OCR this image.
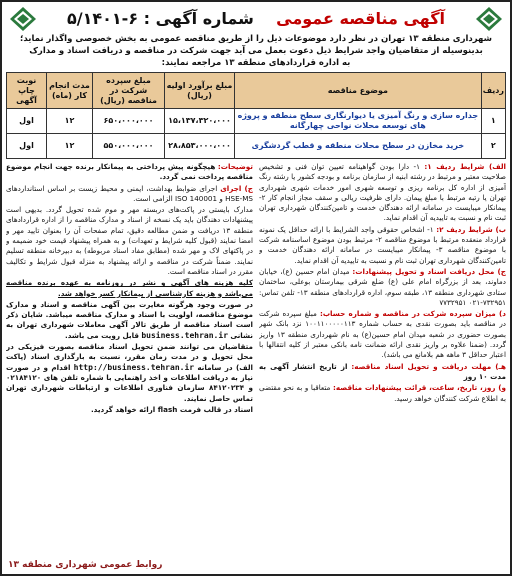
آگهی مناقصه عمومی    شماره آگهی : ۶-۵/۱۴۰۱
شهرداری منطقه ۱۳ تهران در نظر دارد موضوعات ذیل را از طریق مناقصه عمومی به بخش خصوصی واگذار نماید؛
بدینوسیله از متقاضیان واجد شرایط ذیل دعوت بعمل می آید جهت شرکت در مناقصه و دریافت اسناد و مدارک
به اداره قراردادهای منطقه ۱۳ مراجعه نمایند:
ردیف	موضوع مناقصه	مبلغ برآورد اولیه (ریال)	مبلغ سپرده شرکت در مناقصه (ریال)	مدت انجام کار (ماه)	نوبت چاپ آگهی
۱	جداره سازی و رنگ آمیزی یا دیوارنگاری سطح منطقه و پروژه های توسعه محلات نواحی چهارگانه	۱۵،۱۳۷،۳۲۰،۰۰۰	۶۵۰،۰۰۰،۰۰۰	۱۲	اول
۲	خرید مخازن در سطح محلات منطقه و قطب گردشگری	۲۸،۸۵۳،۰۰۰،۰۰۰	۵۵۰،۰۰۰،۰۰۰	۱۲	اول

الف) شرایط ردیف ۱: ۱- دارا بودن گواهینامه تعیین توان فنی و تشخیص صلاحیت معتبر و مرتبط در رشته ابنیه از سازمان برنامه و بودجه کشور یا رشته رنگ آمیزی از اداره کل برنامه ریزی و توسعه شهری امور خدمات شهری شهرداری تهران یا رتبه مرتبط با مبلغ پیمان. دارای ظرفیت ریالی و سقف مجاز انجام کار ۲- پیمانکار میبایست در سامانه ارائه دهندگان خدمت و تامین‌کنندگان شهرداری تهران ثبت نام و نسبت به تاییدیه آن اقدام نماید.

ب) شرایط ردیف ۲: ۱- اشخاص حقوقی واجد الشرایط با ارائه حداقل یک نمونه قرارداد منعقده مرتبط با موضوع مناقصه ۲- مرتبط بودن موضوع اساسنامه شرکت با موضوع مناقصه ۳- پیمانکار میبایست در سامانه ارائه دهندگان خدمت و تامین‌کنندگان شهرداری تهران ثبت نام و نسبت به تاییدیه آن اقدام نماید.

ج) محل دریافت اسناد و تحویل پیشنهادات: میدان امام حسین (ع)، خیابان دماوند، بعد از بزرگراه امام علی (ع) ضلع شرقی بیمارستان بوعلی، ساختمان ستادی شهرداری منطقه ۱۳، طبقه سوم، اداره قراردادهای منطقه ۱۳- تلفن تماس: ۷۳۲۹۵۱-۰۲۱ ۷۷۳۲۹۵۱

د) میزان سپرده شرکت در مناقصه و شماره حساب: مبلغ سپرده شرکت در مناقصه باید بصورت نقدی به حساب شماره ۱۰۰۱۱۰۰۰۰۰۱۱۳ نزد بانک شهر بصورت حضوری در شعبه میدان امام حسین(ع) به نام شهرداری منطقه ۱۳ واریز گردد. (ضمنا علاوه بر واریز نقدی ارائه ضمانت نامه بانکی معتبر از کلیه انتقالها با اعتبار حداقل ۳ ماهه هم بلامانع می باشد).

هـ) مهلت دریافت و تحویل اسناد مناقصه: از تاریخ انتشار آگهی به مدت ۱۰ روز

و) روز، تاریخ، ساعت، قرائت پیشنهادات مناقصه: متعاقبا و به نحو مقتضی به اطلاع شرکت کنندگان خواهد رسید.

توضیحات: هیچگونه پیش پرداختی به پیمانکار برنده جهت انجام موضوع مناقصه پرداخت نمی گردد.

ج) اجرای اجرای ضوابط بهداشت، ایمنی و محیط زیست بر اساس استانداردهای HSE-MS و ISO 140001 الزامی است.

مدارک بایستی در پاکت‌های دربسته مهر و موم شده تحویل گردد. بدیهی است پیشنهادات دهندگان باید یک نسخه از اسناد و مدارک مناقصه را از اداره قراردادهای منطقه ۱۳ دریافت و ضمن مطالعه دقیق، تمام صفحات آن را بعنوان تایید مهر و امضا نمایند (قبول کلیه شرایط و تعهدات) و به همراه پیشنهاد قیمت خود ضمیمه و در پاکتهای لاک و مهر شده (مطابق مفاد اسناد مربوطه) به دبیرخانه منطقه تسلیم نمایند. ضمناً شرکت در مناقصه و ارائه پیشنهاد به منزله قبول شرایط و تکالیف مقرر در اسناد مناقصه است.

کلیه هزینه های آگهی و نشر در روزنامه به عهده برنده مناقصه می‌باشد و هزینه کارشناسی از پیمانکار کسر خواهد شد.

در صورت وجود هرگونه مغایرت بین آگهی مناقصه و اسناد و مدارک موضوع مناقصه، اولویت با اسناد و مدارک مناقصه میباشد. شایان ذکر است اسناد مناقصه از طریق تالار آگهی معاملات شهرداری تهران به نشانی business.tehran.ir قابل رویت می باشد.

متقاضیان می توانند ضمن تحویل اسناد مناقصه بصورت فیزیکی در محل تحویل و در مدت زمان مقرر، نسبت به بارگذاری اسناد (پاکت الف) در سامانه http://business.tehran.ir اقدام و در صورت نیاز به دریافت اطلاعات و اخذ راهنمایی با شماره تلفن های ۰۲۱۸۴۱۲۰ و ۸۴۱۲۰۲۳۴ سازمان فناوری اطلاعات و ارتباطات شهرداری تهران تماس حاصل نمایند.

اسناد در قالب فرمت flash ارائه خواهد گردید.

روابط عمومی شهرداری منطقه ۱۳
